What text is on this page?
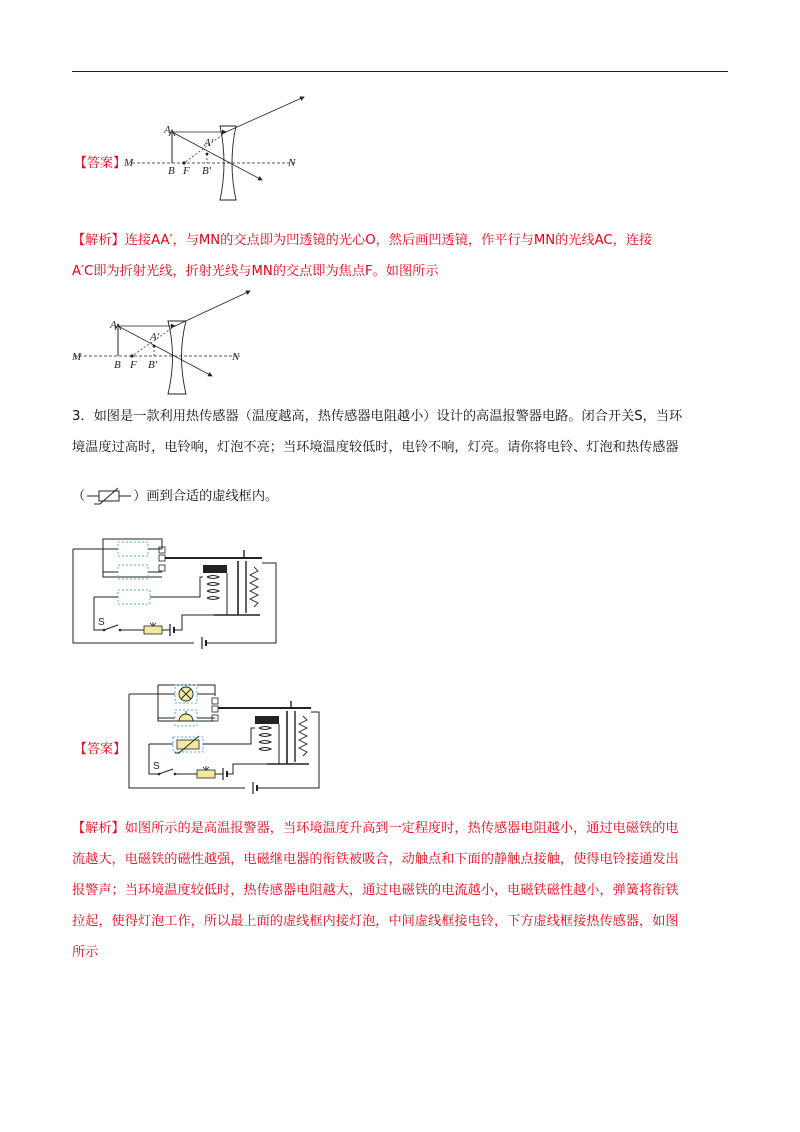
【答案】
A
A′
B F B′
M	N
【解析】连接AA′，与MN的交点即为凹透镜的光心O，然后画凹透镜，作平行与MN的光线AC，连接
A′C即为折射光线，折射光线与MN的交点即为焦点F。如图所示
A
A′
B F B′
M	N
3．如图是一款利用热传感器（温度越高，热传感器电阻越小）设计的高温报警器电路。闭合开关S，当环
境温度过高时，电铃响，灯泡不亮；当环境温度较低时，电铃不响，灯亮。请你将电铃、灯泡和热传感器
（	）画到合适的虚线框内。
S
【答案】
S
【解析】如图所示的是高温报警器，当环境温度升高到一定程度时，热传感器电阻越小，通过电磁铁的电
流越大，电磁铁的磁性越强，电磁继电器的衔铁被吸合，动触点和下面的静触点接触，使得电铃接通发出
报警声；当环境温度较低时，热传感器电阻越大，通过电磁铁的电流越小，电磁铁磁性越小，弹簧将衔铁
拉起，使得灯泡工作，所以最上面的虚线框内接灯泡，中间虚线框接电铃，下方虚线框接热传感器，如图
所示
